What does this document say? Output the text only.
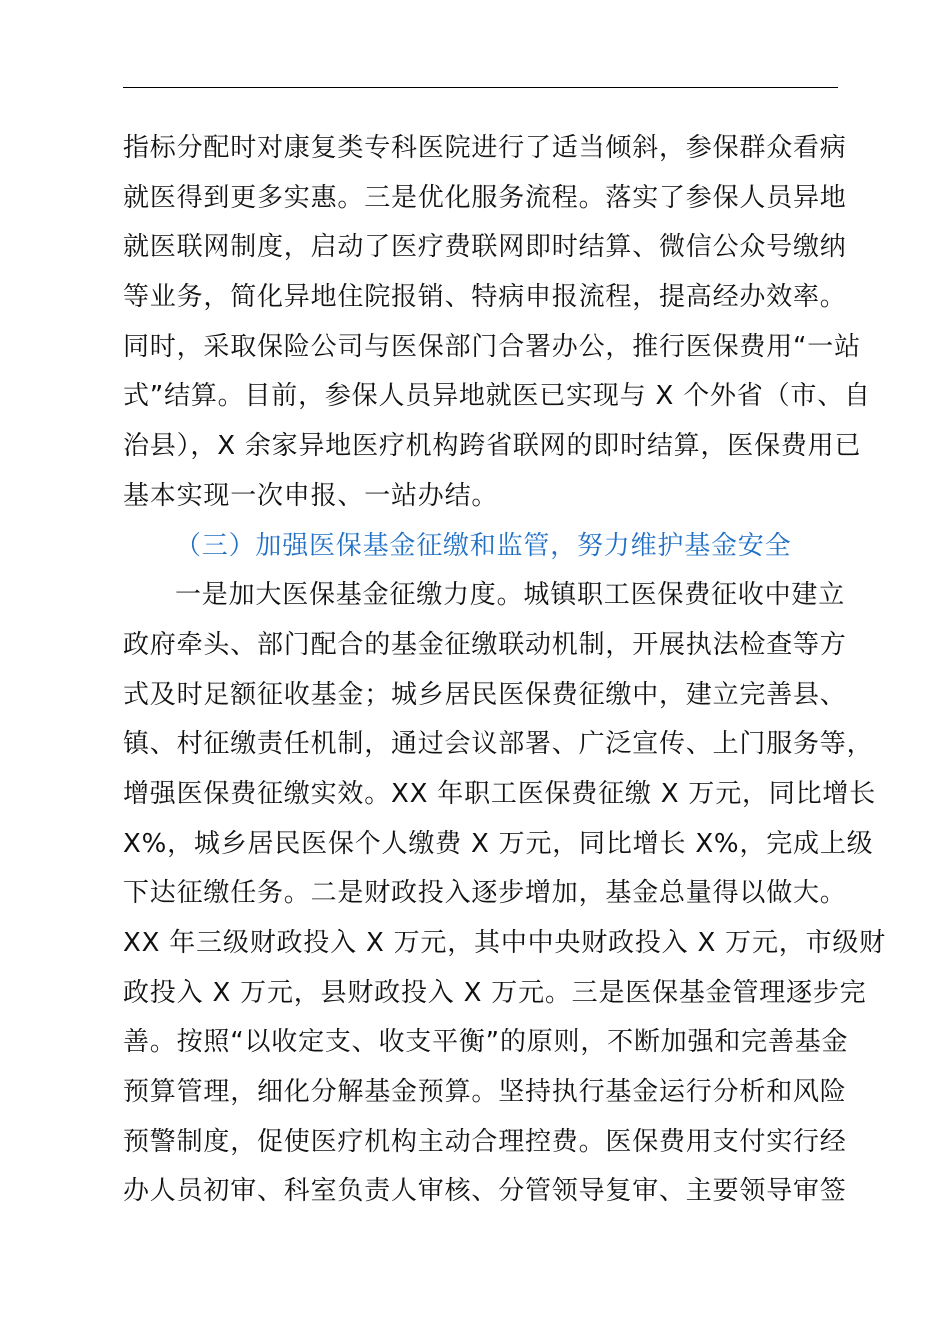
指标分配时对康复类专科医院进行了适当倾斜，参保群众看病
就医得到更多实惠。三是优化服务流程。落实了参保人员异地
就医联网制度，启动了医疗费联网即时结算、微信公众号缴纳
等业务，简化异地住院报销、特病申报流程，提高经办效率。
同时，采取保险公司与医保部门合署办公，推行医保费用“一站
式”结算。目前，参保人员异地就医已实现与 X 个外省（市、自
治县），X 余家异地医疗机构跨省联网的即时结算，医保费用已
基本实现一次申报、一站办结。
（三）加强医保基金征缴和监管，努力维护基金安全
一是加大医保基金征缴力度。城镇职工医保费征收中建立
政府牵头、部门配合的基金征缴联动机制，开展执法检查等方
式及时足额征收基金；城乡居民医保费征缴中，建立完善县、
镇、村征缴责任机制，通过会议部署、广泛宣传、上门服务等，
增强医保费征缴实效。XX 年职工医保费征缴 X 万元，同比增长
X%，城乡居民医保个人缴费 X 万元，同比增长 X%，完成上级
下达征缴任务。二是财政投入逐步增加，基金总量得以做大。
XX 年三级财政投入 X 万元，其中中央财政投入 X 万元，市级财
政投入 X 万元，县财政投入 X 万元。三是医保基金管理逐步完
善。按照“以收定支、收支平衡”的原则，不断加强和完善基金
预算管理，细化分解基金预算。坚持执行基金运行分析和风险
预警制度，促使医疗机构主动合理控费。医保费用支付实行经
办人员初审、科室负责人审核、分管领导复审、主要领导审签
